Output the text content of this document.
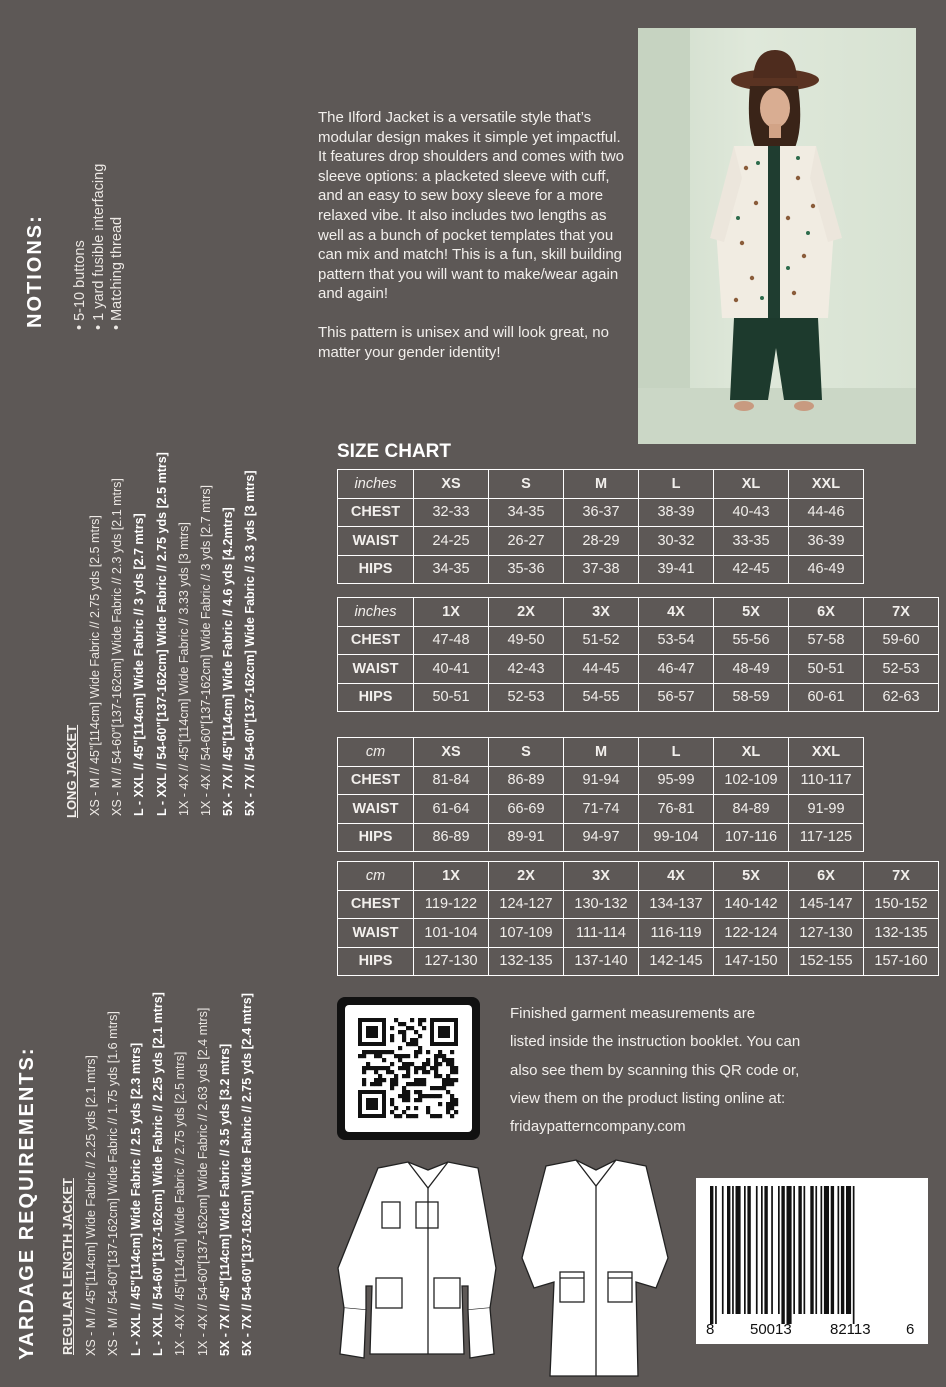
YARDAGE REQUIREMENTS: REGULAR LENGTH JACKET XS - M // 45"[114cm] Wide Fabric // 2.25 yds [2.1 mtrs] XS - M // 54-60"[137-162cm] Wide Fabric // 1.75 yds [1.6 mtrs] L - XXL // 45"[114cm] Wide Fabric // 2.5 yds [2.3 mtrs] L - XXL // 54-60"[137-162cm] Wide Fabric // 2.25 yds [2.1 mtrs] 1X - 4X // 45"[114cm] Wide Fabric // 2.75 yds [2.5 mtrs] 1X - 4X // 54-60"[137-162cm] Wide Fabric // 2.63 yds [2.4 mtrs] 5X - 7X // 45"[114cm] Wide Fabric // 3.5 yds [3.2 mtrs] 5X - 7X // 54-60"[137-162cm] Wide Fabric // 2.75 yds [2.4 mtrs]
LONG JACKET XS - M // 45"[114cm] Wide Fabric // 2.75 yds [2.5 mtrs] XS - M // 54-60"[137-162cm] Wide Fabric // 2.3 yds [2.1 mtrs] L - XXL // 45"[114cm] Wide Fabric // 3 yds [2.7 mtrs] L - XXL // 54-60"[137-162cm] Wide Fabric // 2.75 yds [2.5 mtrs] 1X - 4X // 45"[114cm] Wide Fabric // 3.33 yds [3 mtrs] 1X - 4X // 54-60"[137-162cm] Wide Fabric // 3 yds [2.7 mtrs] 5X - 7X // 45"[114cm] Wide Fabric // 4.6 yds [4.2mtrs] 5X - 7X // 54-60"[137-162cm] Wide Fabric // 3.3 yds [3 mtrs]
NOTIONS: • 5-10 buttons • 1 yard fusible interfacing • Matching thread

The Ilford Jacket is a versatile style that’s modular design makes it simple yet impactful. It features drop shoulders and comes with two sleeve options: a placketed sleeve with cuff, and an easy to sew boxy sleeve for a more relaxed vibe. It also includes two lengths as well as a bunch of pocket templates that you can mix and match! This is a fun, skill building pattern that you will want to make/wear again and again!

This pattern is unisex and will look great, no matter your gender identity!

SIZE CHART
inches	XS	S	M	L	XL	XXL
CHEST	32-33	34-35	36-37	38-39	40-43	44-46
WAIST	24-25	26-27	28-29	30-32	33-35	36-39
HIPS	34-35	35-36	37-38	39-41	42-45	46-49
inches	1X	2X	3X	4X	5X	6X	7X
CHEST	47-48	49-50	51-52	53-54	55-56	57-58	59-60
WAIST	40-41	42-43	44-45	46-47	48-49	50-51	52-53
HIPS	50-51	52-53	54-55	56-57	58-59	60-61	62-63
cm	XS	S	M	L	XL	XXL
CHEST	81-84	86-89	91-94	95-99	102-109	110-117
WAIST	61-64	66-69	71-74	76-81	84-89	91-99
HIPS	86-89	89-91	94-97	99-104	107-116	117-125
cm	1X	2X	3X	4X	5X	6X	7X
CHEST	119-122	124-127	130-132	134-137	140-142	145-147	150-152
WAIST	101-104	107-109	111-114	116-119	122-124	127-130	132-135
HIPS	127-130	132-135	137-140	142-145	147-150	152-155	157-160
Finished garment measurements are
listed inside the instruction booklet. You can
also see them by scanning this QR code or,
view them on the product listing online at:
fridaypatterncompany.com
8 50013	82113 6
